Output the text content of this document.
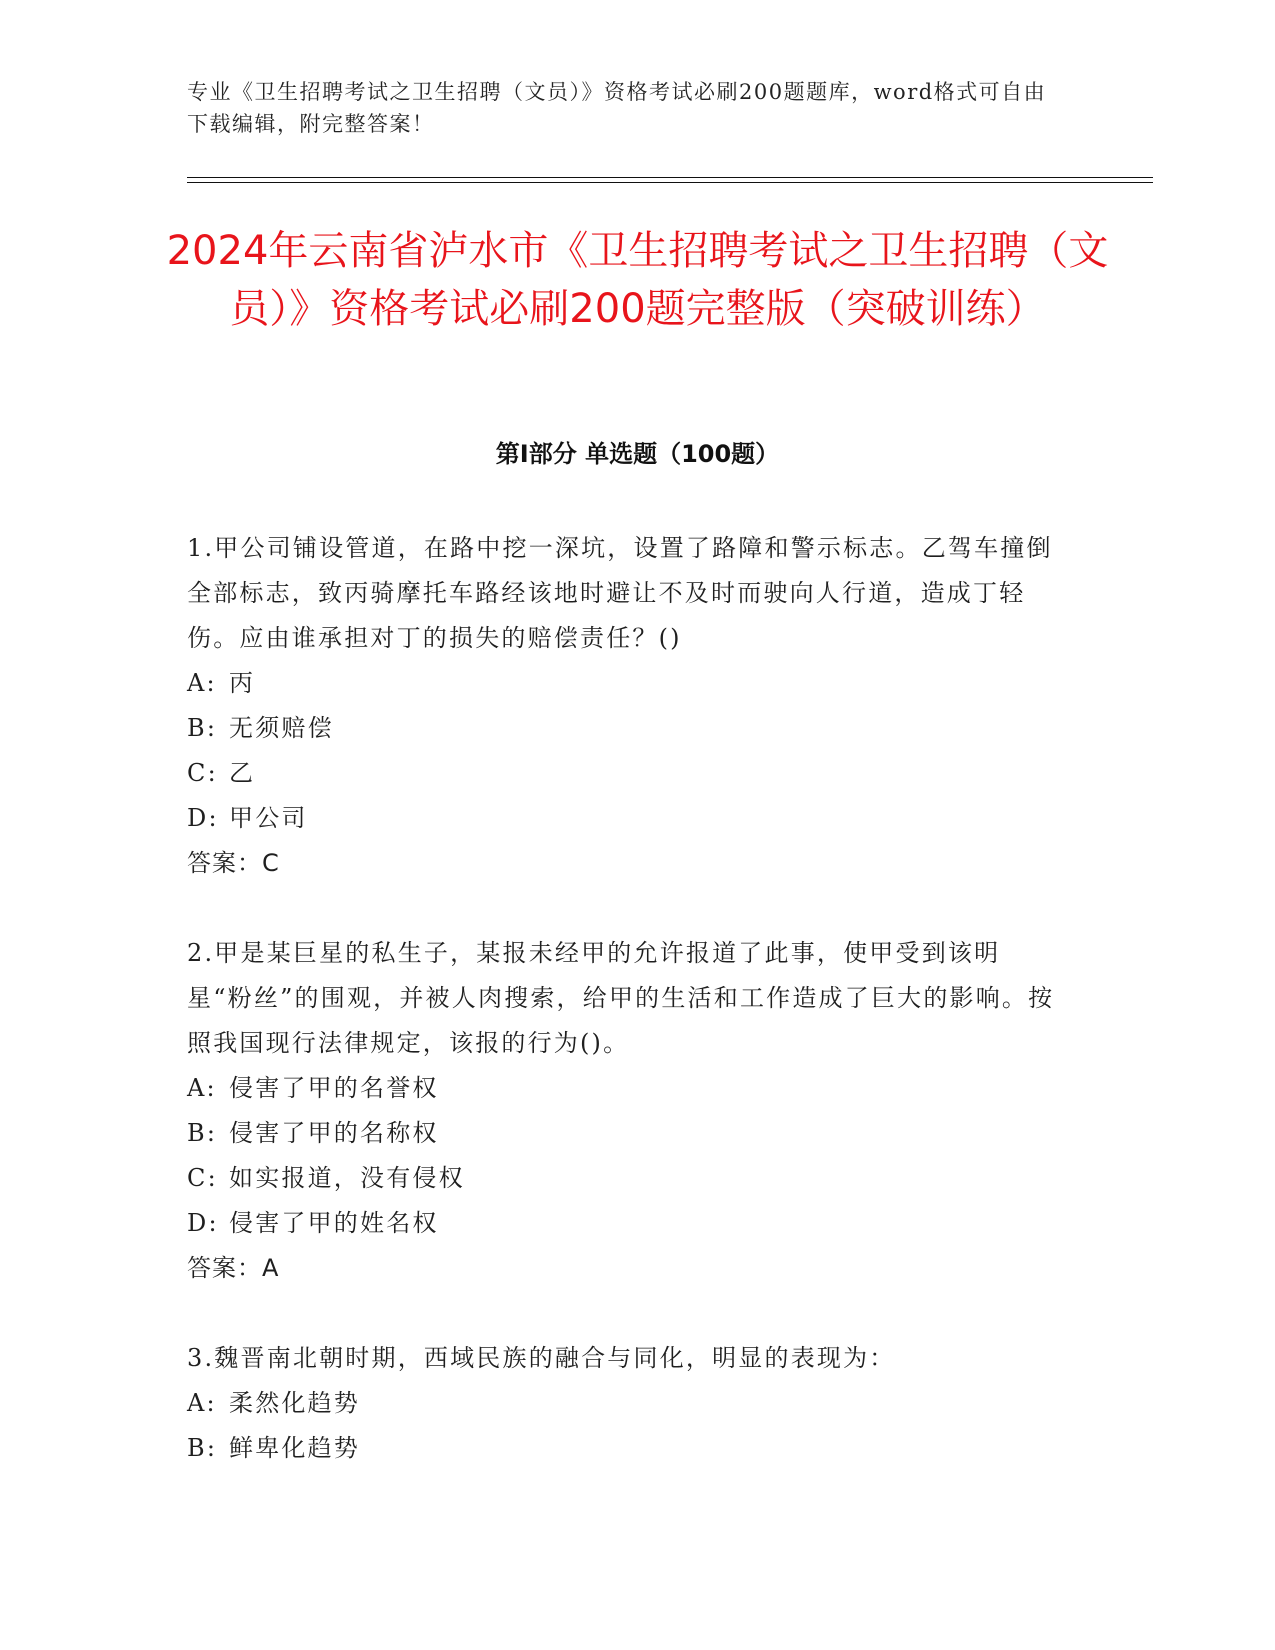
专业《卫生招聘考试之卫生招聘（文员）》资格考试必刷200题题库，word格式可自由下载编辑，附完整答案！
2024年云南省泸水市《卫生招聘考试之卫生招聘（文员）》资格考试必刷200题完整版（突破训练）
第Ⅰ部分 单选题（100题）

1.甲公司铺设管道，在路中挖一深坑，设置了路障和警示标志。乙驾车撞倒全部标志，致丙骑摩托车路经该地时避让不及时而驶向人行道，造成丁轻伤。应由谁承担对丁的损失的赔偿责任？()

A: 丙

B: 无须赔偿

C: 乙

D: 甲公司

答案：C

2.甲是某巨星的私生子，某报未经甲的允许报道了此事，使甲受到该明星“粉丝”的围观，并被人肉搜索，给甲的生活和工作造成了巨大的影响。按照我国现行法律规定，该报的行为()。

A: 侵害了甲的名誉权

B: 侵害了甲的名称权

C: 如实报道，没有侵权

D: 侵害了甲的姓名权

答案：A

3.魏晋南北朝时期，西域民族的融合与同化，明显的表现为：

A: 柔然化趋势

B: 鲜卑化趋势
